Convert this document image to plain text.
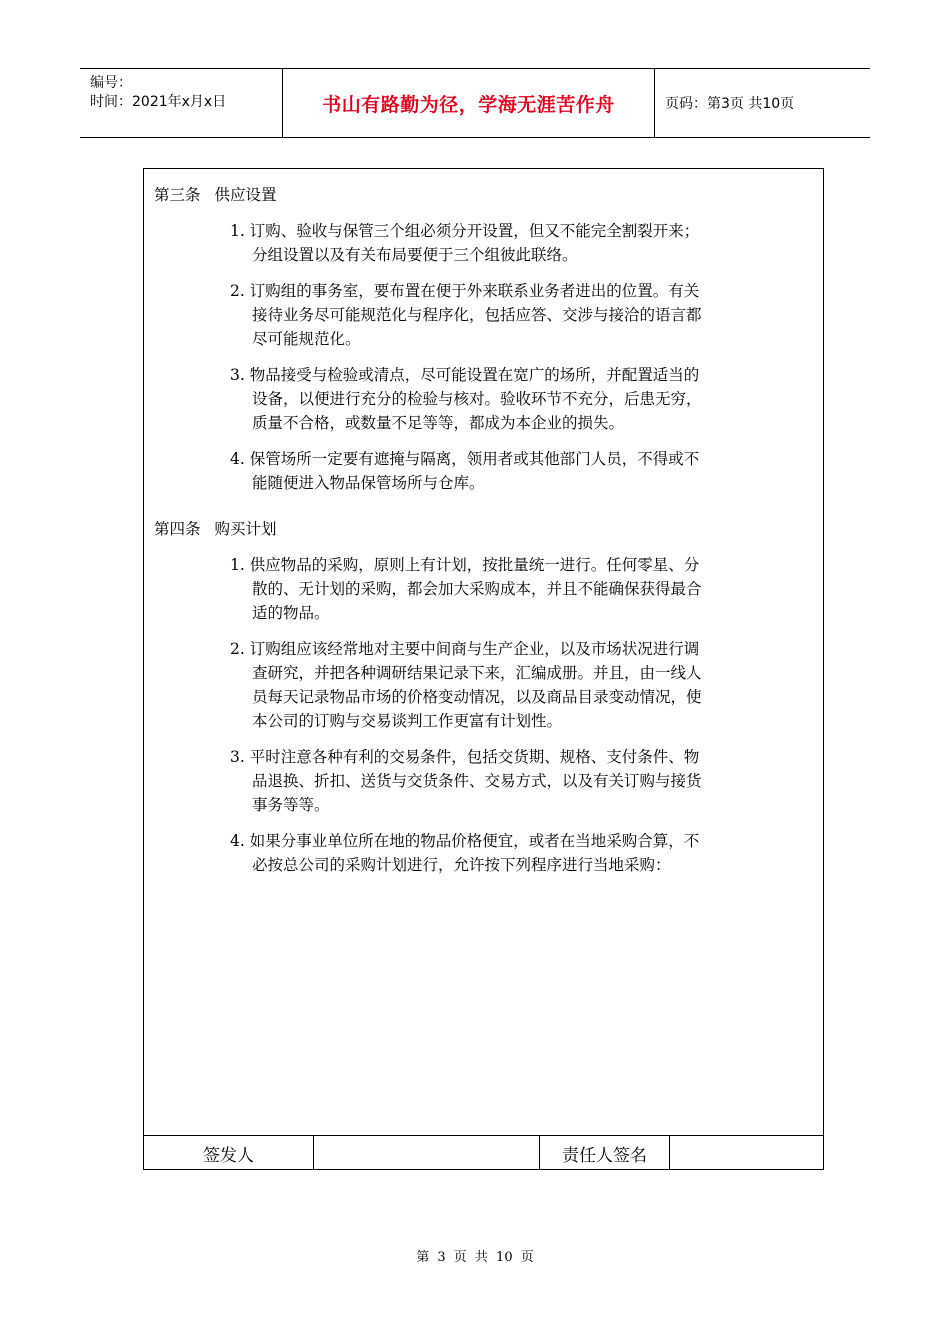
编号：
时间：2021年x月x日	书山有路勤为径，学海无涯苦作舟	页码：第3页 共10页
第三条 供应设置
1. 订购、验收与保管三个组必须分开设置，但又不能完全割裂开来；
分组设置以及有关布局要便于三个组彼此联络。
2. 订购组的事务室，要布置在便于外来联系业务者进出的位置。有关
接待业务尽可能规范化与程序化，包括应答、交涉与接洽的语言都
尽可能规范化。
3. 物品接受与检验或清点，尽可能设置在宽广的场所，并配置适当的
设备，以便进行充分的检验与核对。验收环节不充分，后患无穷，
质量不合格，或数量不足等等，都成为本企业的损失。
4. 保管场所一定要有遮掩与隔离，领用者或其他部门人员，不得或不
能随便进入物品保管场所与仓库。
第四条 购买计划
1. 供应物品的采购，原则上有计划，按批量统一进行。任何零星、分
散的、无计划的采购，都会加大采购成本，并且不能确保获得最合
适的物品。
2. 订购组应该经常地对主要中间商与生产企业，以及市场状况进行调
查研究，并把各种调研结果记录下来，汇编成册。并且，由一线人
员每天记录物品市场的价格变动情况，以及商品目录变动情况，使
本公司的订购与交易谈判工作更富有计划性。
3. 平时注意各种有利的交易条件，包括交货期、规格、支付条件、物
品退换、折扣、送货与交货条件、交易方式，以及有关订购与接货
事务等等。
4. 如果分事业单位所在地的物品价格便宜，或者在当地采购合算，不
必按总公司的采购计划进行，允许按下列程序进行当地采购：
签发人	责任人签名
第 3 页 共 10 页
